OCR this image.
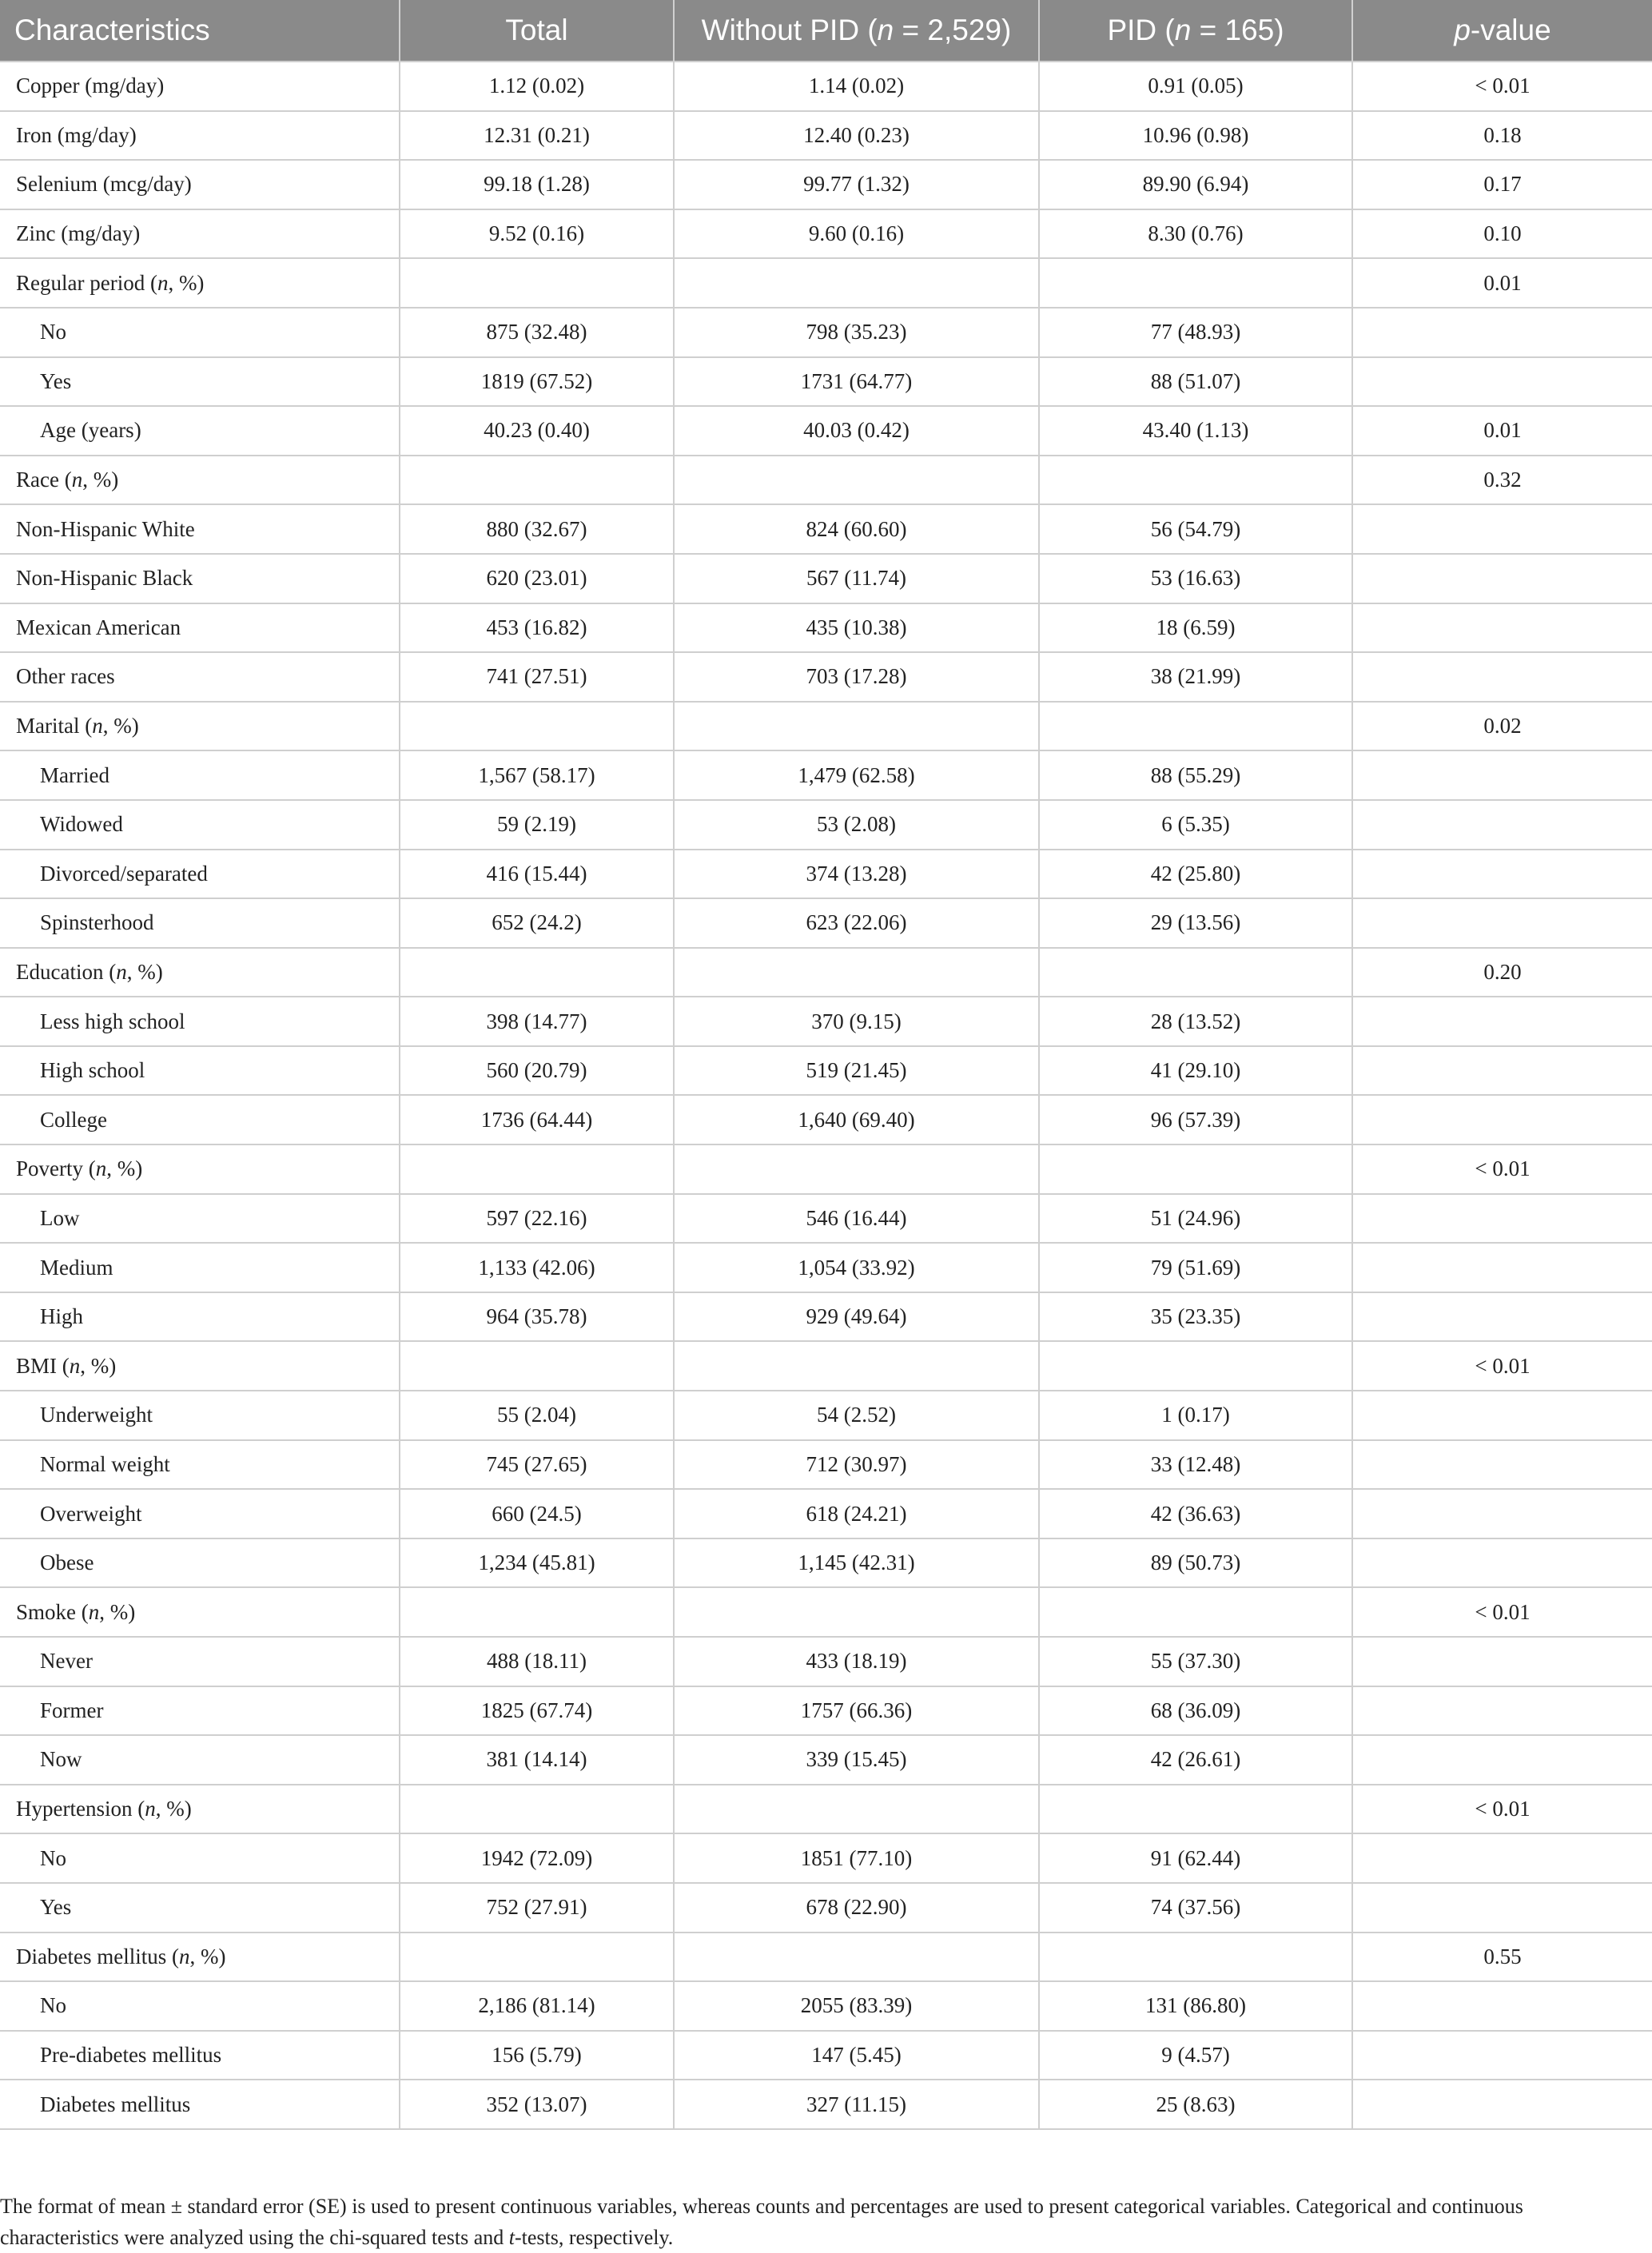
Characteristics	Total	Without PID (n = 2,529)	PID (n = 165)	p-value
Copper (mg/day)	1.12 (0.02)	1.14 (0.02)	0.91 (0.05)	< 0.01
Iron (mg/day)	12.31 (0.21)	12.40 (0.23)	10.96 (0.98)	0.18
Selenium (mcg/day)	99.18 (1.28)	99.77 (1.32)	89.90 (6.94)	0.17
Zinc (mg/day)	9.52 (0.16)	9.60 (0.16)	8.30 (0.76)	0.10
Regular period (n, %)				0.01
No	875 (32.48)	798 (35.23)	77 (48.93)	
Yes	1819 (67.52)	1731 (64.77)	88 (51.07)	
Age (years)	40.23 (0.40)	40.03 (0.42)	43.40 (1.13)	0.01
Race (n, %)				0.32
Non-Hispanic White	880 (32.67)	824 (60.60)	56 (54.79)	
Non-Hispanic Black	620 (23.01)	567 (11.74)	53 (16.63)	
Mexican American	453 (16.82)	435 (10.38)	18 (6.59)	
Other races	741 (27.51)	703 (17.28)	38 (21.99)	
Marital (n, %)				0.02
Married	1,567 (58.17)	1,479 (62.58)	88 (55.29)	
Widowed	59 (2.19)	53 (2.08)	6 (5.35)	
Divorced/separated	416 (15.44)	374 (13.28)	42 (25.80)	
Spinsterhood	652 (24.2)	623 (22.06)	29 (13.56)	
Education (n, %)				0.20
Less high school	398 (14.77)	370 (9.15)	28 (13.52)	
High school	560 (20.79)	519 (21.45)	41 (29.10)	
College	1736 (64.44)	1,640 (69.40)	96 (57.39)	
Poverty (n, %)				< 0.01
Low	597 (22.16)	546 (16.44)	51 (24.96)	
Medium	1,133 (42.06)	1,054 (33.92)	79 (51.69)	
High	964 (35.78)	929 (49.64)	35 (23.35)	
BMI (n, %)				< 0.01
Underweight	55 (2.04)	54 (2.52)	1 (0.17)	
Normal weight	745 (27.65)	712 (30.97)	33 (12.48)	
Overweight	660 (24.5)	618 (24.21)	42 (36.63)	
Obese	1,234 (45.81)	1,145 (42.31)	89 (50.73)	
Smoke (n, %)				< 0.01
Never	488 (18.11)	433 (18.19)	55 (37.30)	
Former	1825 (67.74)	1757 (66.36)	68 (36.09)	
Now	381 (14.14)	339 (15.45)	42 (26.61)	
Hypertension (n, %)				< 0.01
No	1942 (72.09)	1851 (77.10)	91 (62.44)	
Yes	752 (27.91)	678 (22.90)	74 (37.56)	
Diabetes mellitus (n, %)				0.55
No	2,186 (81.14)	2055 (83.39)	131 (86.80)	
Pre-diabetes mellitus	156 (5.79)	147 (5.45)	9 (4.57)	
Diabetes mellitus	352 (13.07)	327 (11.15)	25 (8.63)	

The format of mean ± standard error (SE) is used to present continuous variables, whereas counts and percentages are used to present categorical variables. Categorical and continuous characteristics were analyzed using the chi-squared tests and t-tests, respectively.
